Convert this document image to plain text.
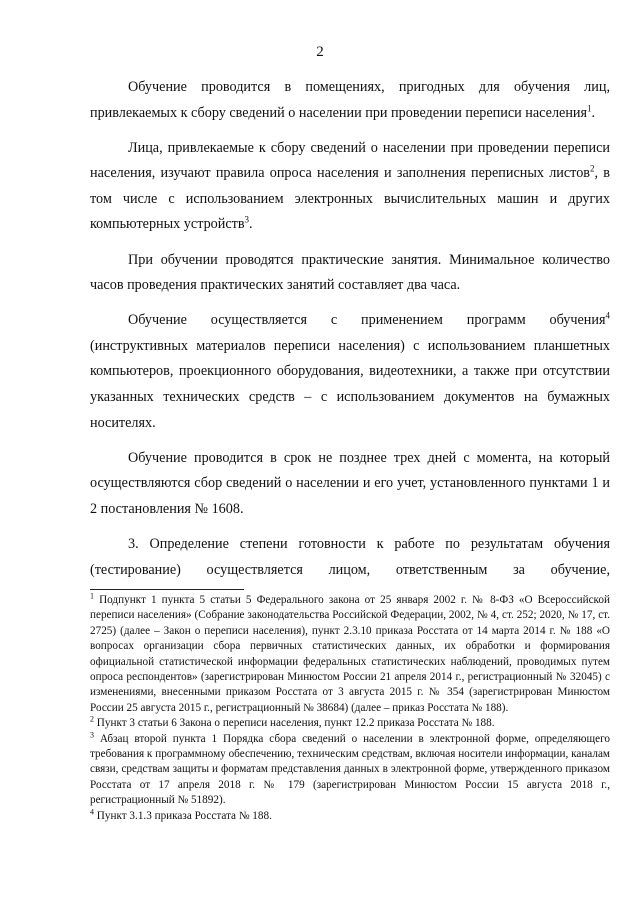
2

Обучение проводится в помещениях, пригодных для обучения лиц, привлекаемых к сбору сведений о населении при проведении переписи населения$^1$.

Лица, привлекаемые к сбору сведений о населении при проведении переписи населения, изучают правила опроса населения и заполнения переписных листов$^2$, в том числе с использованием электронных вычислительных машин и других компьютерных устройств$^3$.

При обучении проводятся практические занятия. Минимальное количество часов проведения практических занятий составляет два часа.

Обучение осуществляется с применением программ обучения$^4$ (инструктивных материалов переписи населения) с использованием планшетных компьютеров, проекционного оборудования, видеотехники, а также при отсутствии указанных технических средств – с использованием документов на бумажных носителях.

Обучение проводится в срок не позднее трех дней с момента, на который осуществляются сбор сведений о населении и его учет, установленного пунктами 1 и 2 постановления № 1608.

3. Определение степени готовности к работе по результатам обучения (тестирование) осуществляется лицом, ответственным за обучение,

$^1$ Подпункт 1 пункта 5 статьи 5 Федерального закона от 25 января 2002 г. № 8-ФЗ «О Всероссийской переписи населения» (Собрание законодательства Российской Федерации, 2002, № 4, ст. 252; 2020, № 17, ст. 2725) (далее – Закон о переписи населения), пункт 2.3.10 приказа Росстата от 14 марта 2014 г. № 188 «О вопросах организации сбора первичных статистических данных, их обработки и формирования официальной статистической информации федеральных статистических наблюдений, проводимых путем опроса респондентов» (зарегистрирован Минюстом России 21 апреля 2014 г., регистрационный № 32045) с изменениями, внесенными приказом Росстата от 3 августа 2015 г. № 354 (зарегистрирован Минюстом России 25 августа 2015 г., регистрационный № 38684) (далее – приказ Росстата № 188).

$^2$ Пункт 3 статьи 6 Закона о переписи населения, пункт 12.2 приказа Росстата № 188.

$^3$ Абзац второй пункта 1 Порядка сбора сведений о населении в электронной форме, определяющего требования к программному обеспечению, техническим средствам, включая носители информации, каналам связи, средствам защиты и форматам представления данных в электронной форме, утвержденного приказом Росстата от 17 апреля 2018 г. № 179 (зарегистрирован Минюстом России 15 августа 2018 г., регистрационный № 51892).

$^4$ Пункт 3.1.3 приказа Росстата № 188.
